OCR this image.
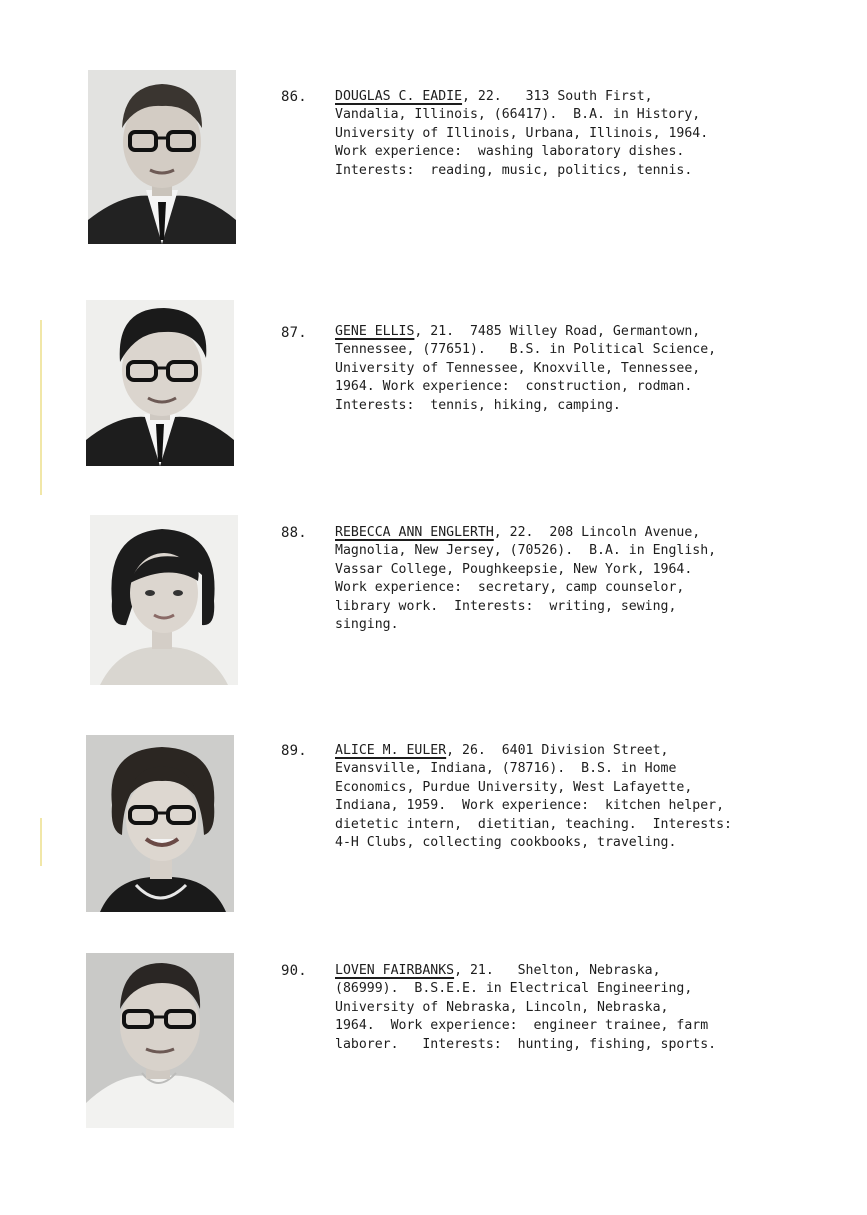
86. DOUGLAS C. EADIE, 22.   313 South First,
Vandalia, Illinois, (66417).  B.A. in History,
University of Illinois, Urbana, Illinois, 1964.
Work experience:  washing laboratory dishes.
Interests:  reading, music, politics, tennis.
87. GENE ELLIS, 21.  7485 Willey Road, Germantown,
Tennessee, (77651).   B.S. in Political Science,
University of Tennessee, Knoxville, Tennessee,
1964. Work experience:  construction, rodman.
Interests:  tennis, hiking, camping.
88. REBECCA ANN ENGLERTH, 22.  208 Lincoln Avenue,
Magnolia, New Jersey, (70526).  B.A. in English,
Vassar College, Poughkeepsie, New York, 1964.
Work experience:  secretary, camp counselor,
library work.  Interests:  writing, sewing,
singing.
89. ALICE M. EULER, 26.  6401 Division Street,
Evansville, Indiana, (78716).  B.S. in Home
Economics, Purdue University, West Lafayette,
Indiana, 1959.  Work experience:  kitchen helper,
dietetic intern,  dietitian, teaching.  Interests:
4-H Clubs, collecting cookbooks, traveling.
90. LOVEN FAIRBANKS, 21.   Shelton, Nebraska,
(86999).  B.S.E.E. in Electrical Engineering,
University of Nebraska, Lincoln, Nebraska,
1964.  Work experience:  engineer trainee, farm
laborer.   Interests:  hunting, fishing, sports.
